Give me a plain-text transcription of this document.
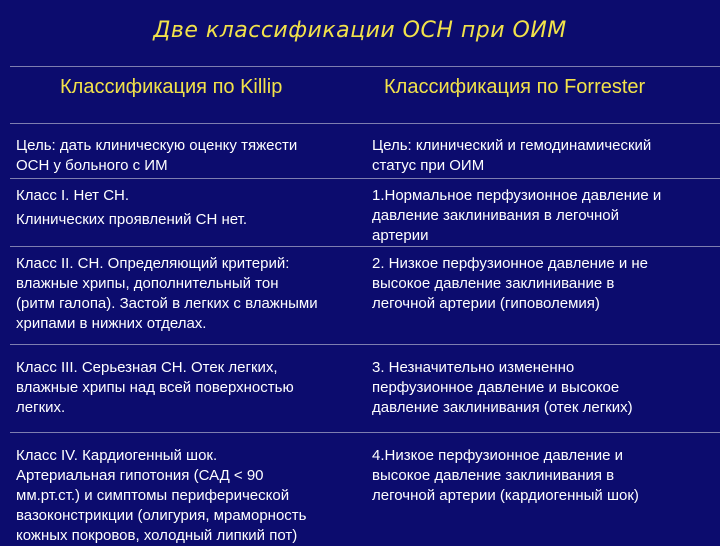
Две классификации ОСН при ОИМ
Классификация по Killip	Классификация по Forrester
Цель: дать клиническую оценку тяжести
ОСН у больного с ИМ
Цель: клинический и гемодинамический
статус при ОИМ
Класс I. Нет СН.
Клинических проявлений СН нет.
1.Нормальное перфузионное давление и
давление заклинивания в легочной
артерии
Класс II. СН. Определяющий критерий:
влажные хрипы, дополнительный тон
(ритм галопа). Застой в легких с влажными
хрипами в нижних отделах.
2. Низкое перфузионное давление и не
высокое давление заклинивание в
легочной артерии (гиповолемия)
Класс III. Серьезная СН. Отек легких,
влажные хрипы над всей поверхностью
легких.
3. Незначительно измененно
перфузионное давление и высокое
давление заклинивания (отек легких)
Класс IV. Кардиогенный шок.
Артериальная гипотония (САД < 90
мм.рт.ст.) и симптомы периферической
вазоконстрикции (олигурия, мраморность
кожных покровов, холодный липкий пот)
4.Низкое перфузионное давление и
высокое давление заклинивания в
легочной артерии (кардиогенный шок)
